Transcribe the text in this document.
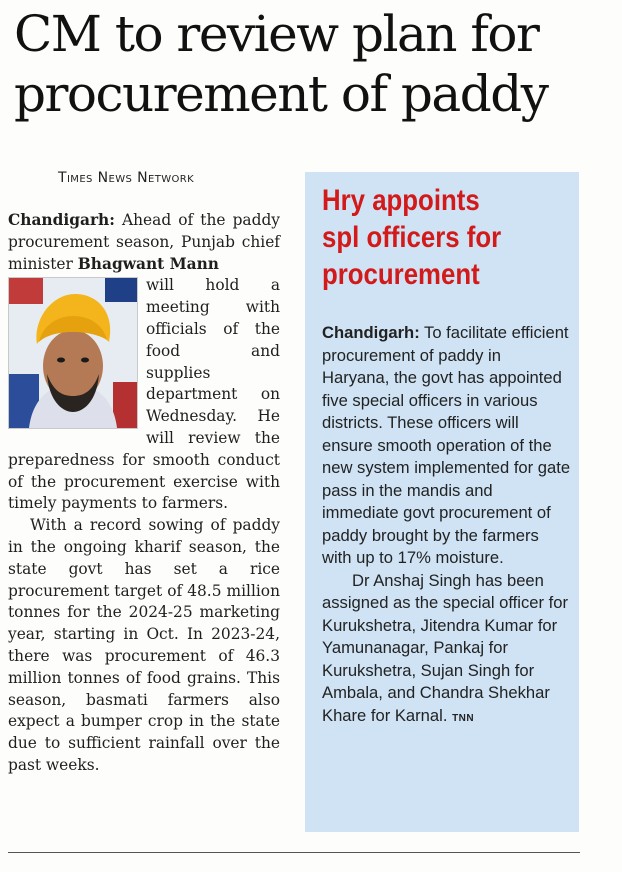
CM to review plan for
procurement of paddy
Times News Network

Chandigarh: Ahead of the paddy procurement season, Punjab chief minister Bhagwant Mann

will hold a meeting with officials of the food and supplies department on Wednesday. He will review the preparedness for smooth conduct of the procurement exercise with timely payments to farmers.

With a record sowing of paddy in the ongoing kharif season, the state govt has set a rice procurement target of 48.5 million tonnes for the 2024-25 marketing year, starting in Oct. In 2023-24, there was procurement of 46.3 million tonnes of food grains. This season, basmati farmers also expect a bumper crop in the state due to sufficient rainfall over the past weeks.

Hry appoints
spl officers for
procurement

Chandigarh: To facilitate efficient procurement of paddy in Haryana, the govt has appointed five special officers in various districts. These officers will ensure smooth operation of the new system implemented for gate pass in the mandis and immediate govt procurement of paddy brought by the farmers with up to 17% moisture.

Dr Anshaj Singh has been assigned as the special officer for Kurukshetra, Jitendra Kumar for Yamunanagar, Pankaj for Kurukshetra, Sujan Singh for Ambala, and Chandra Shekhar Khare for Karnal. TNN
